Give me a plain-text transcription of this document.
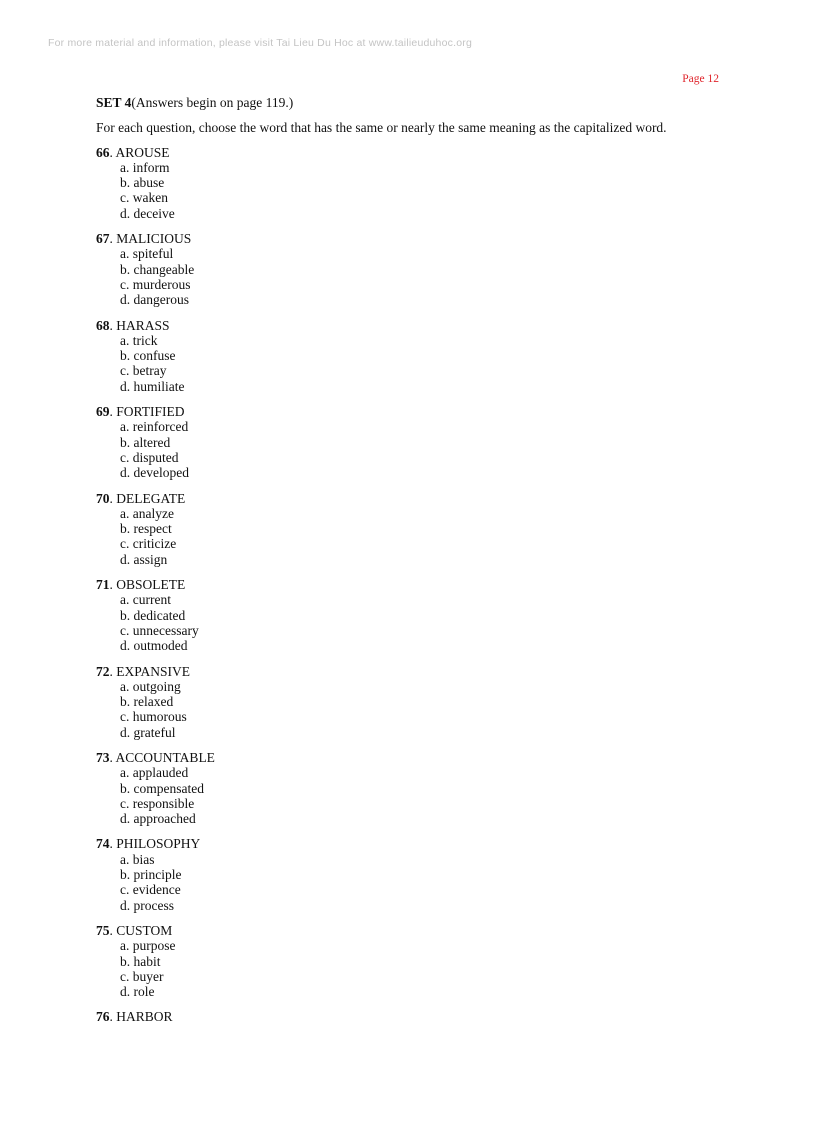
For more material and information, please visit Tai Lieu Du Hoc at www.tailieuduhoc.org
Page 12

SET 4(Answers begin on page 119.)

For each question, choose the word that has the same or nearly the same meaning as the capitalized word.

66. AROUSE
a. inform
b. abuse
c. waken
d. deceive
67. MALICIOUS
a. spiteful
b. changeable
c. murderous
d. dangerous
68. HARASS
a. trick
b. confuse
c. betray
d. humiliate
69. FORTIFIED
a. reinforced
b. altered
c. disputed
d. developed
70. DELEGATE
a. analyze
b. respect
c. criticize
d. assign
71. OBSOLETE
a. current
b. dedicated
c. unnecessary
d. outmoded
72. EXPANSIVE
a. outgoing
b. relaxed
c. humorous
d. grateful
73. ACCOUNTABLE
a. applauded
b. compensated
c. responsible
d. approached
74. PHILOSOPHY
a. bias
b. principle
c. evidence
d. process
75. CUSTOM
a. purpose
b. habit
c. buyer
d. role
76. HARBOR
